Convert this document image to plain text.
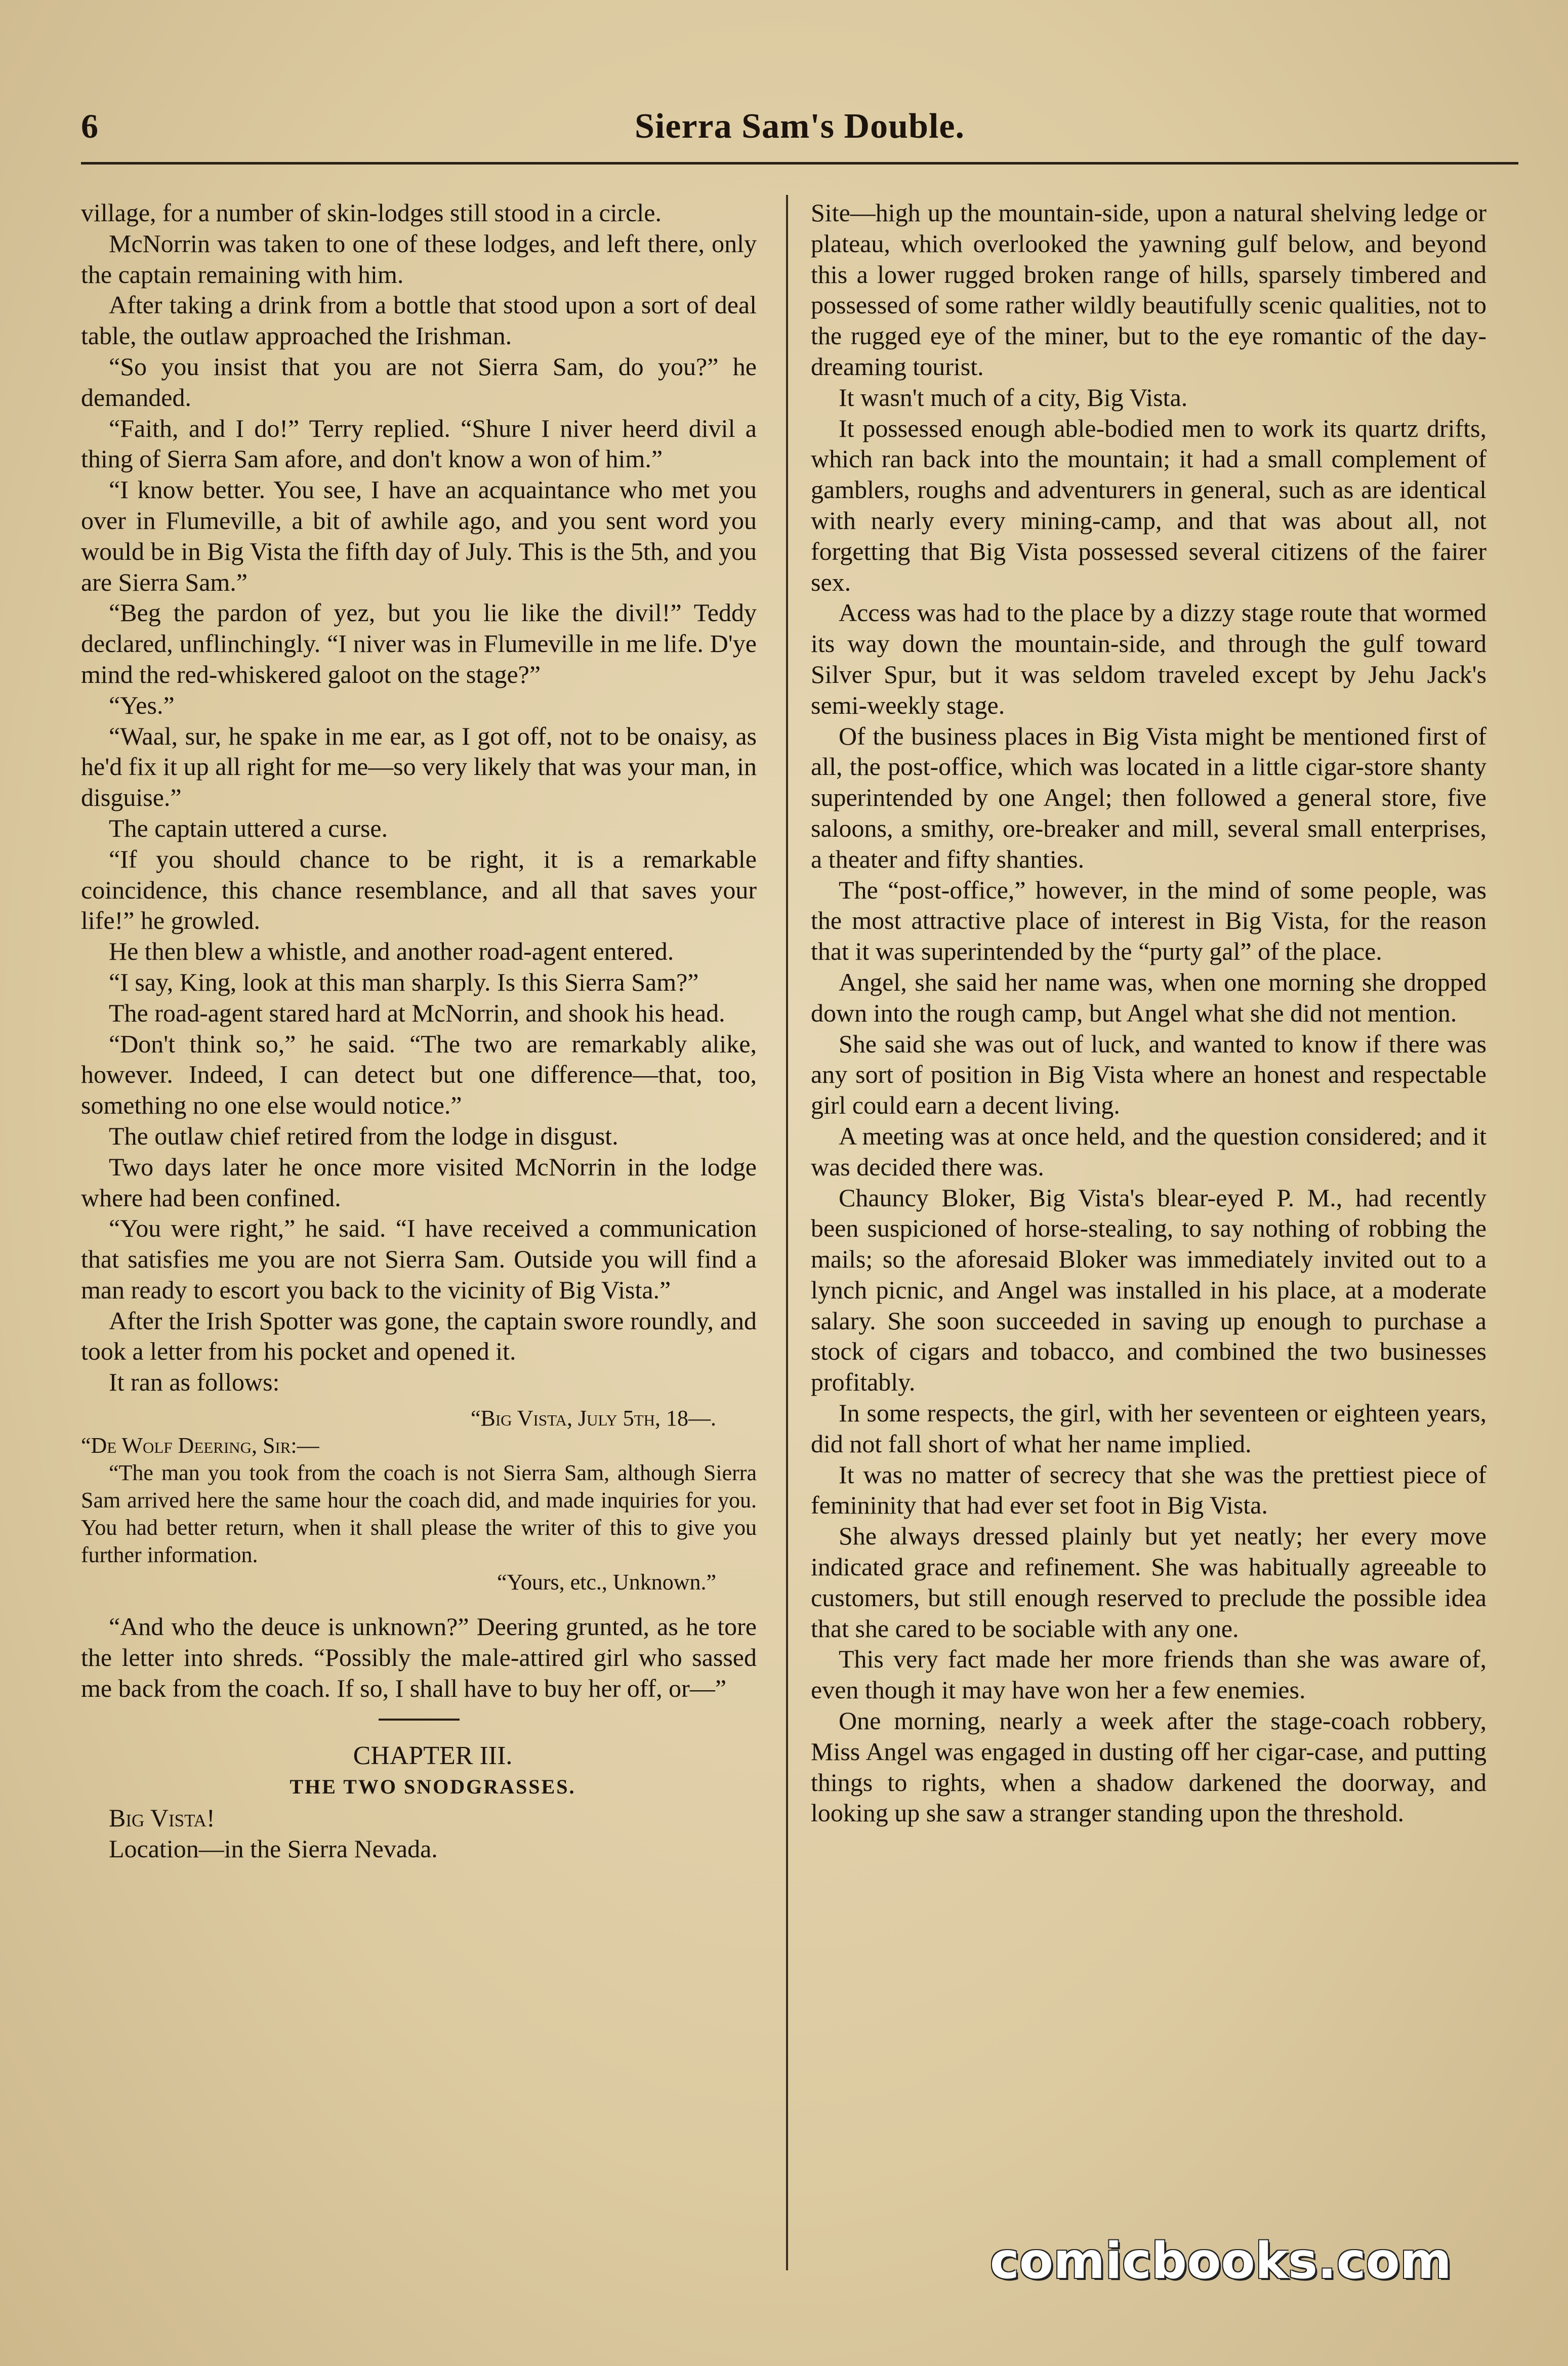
6	Sierra Sam's Double.

village, for a number of skin-lodges still stood in a circle.

McNorrin was taken to one of these lodges, and left there, only the captain remaining with him.

After taking a drink from a bottle that stood upon a sort of deal table, the outlaw approached the Irishman.

“So you insist that you are not Sierra Sam, do you?” he demanded.

“Faith, and I do!” Terry replied. “Shure I niver heerd divil a thing of Sierra Sam afore, and don't know a won of him.”

“I know better. You see, I have an acquaintance who met you over in Flumeville, a bit of awhile ago, and you sent word you would be in Big Vista the fifth day of July. This is the 5th, and you are Sierra Sam.”

“Beg the pardon of yez, but you lie like the divil!” Teddy declared, unflinchingly. “I niver was in Flumeville in me life. D'ye mind the red-whiskered galoot on the stage?”

“Yes.”

“Waal, sur, he spake in me ear, as I got off, not to be onaisy, as he'd fix it up all right for me—so very likely that was your man, in disguise.”

The captain uttered a curse.

“If you should chance to be right, it is a remarkable coincidence, this chance resemblance, and all that saves your life!” he growled.

He then blew a whistle, and another road-agent entered.

“I say, King, look at this man sharply. Is this Sierra Sam?”

The road-agent stared hard at McNorrin, and shook his head.

“Don't think so,” he said. “The two are remarkably alike, however. Indeed, I can detect but one difference—that, too, something no one else would notice.”

The outlaw chief retired from the lodge in disgust.

Two days later he once more visited McNorrin in the lodge where had been confined.

“You were right,” he said. “I have received a communication that satisfies me you are not Sierra Sam. Outside you will find a man ready to escort you back to the vicinity of Big Vista.”

After the Irish Spotter was gone, the captain swore roundly, and took a letter from his pocket and opened it.

It ran as follows:

“Big Vista, July 5th, 18—.

“De Wolf Deering, Sir:—

“The man you took from the coach is not Sierra Sam, although Sierra Sam arrived here the same hour the coach did, and made inquiries for you. You had better return, when it shall please the writer of this to give you further information.

“Yours, etc., Unknown.”

“And who the deuce is unknown?” Deering grunted, as he tore the letter into shreds. “Possibly the male-attired girl who sassed me back from the coach. If so, I shall have to buy her off, or—”

CHAPTER III.

THE TWO SNODGRASSES.

Big Vista!

Location—in the Sierra Nevada.

Site—high up the mountain-side, upon a natural shelving ledge or plateau, which overlooked the yawning gulf below, and beyond this a lower rugged broken range of hills, sparsely timbered and possessed of some rather wildly beautifully scenic qualities, not to the rugged eye of the miner, but to the eye romantic of the day-dreaming tourist.

It wasn't much of a city, Big Vista.

It possessed enough able-bodied men to work its quartz drifts, which ran back into the mountain; it had a small complement of gamblers, roughs and adventurers in general, such as are identical with nearly every mining-camp, and that was about all, not forgetting that Big Vista possessed several citizens of the fairer sex.

Access was had to the place by a dizzy stage route that wormed its way down the mountain-side, and through the gulf toward Silver Spur, but it was seldom traveled except by Jehu Jack's semi-weekly stage.

Of the business places in Big Vista might be mentioned first of all, the post-office, which was located in a little cigar-store shanty superintended by one Angel; then followed a general store, five saloons, a smithy, ore-breaker and mill, several small enterprises, a theater and fifty shanties.

The “post-office,” however, in the mind of some people, was the most attractive place of interest in Big Vista, for the reason that it was superintended by the “purty gal” of the place.

Angel, she said her name was, when one morning she dropped down into the rough camp, but Angel what she did not mention.

She said she was out of luck, and wanted to know if there was any sort of position in Big Vista where an honest and respectable girl could earn a decent living.

A meeting was at once held, and the question considered; and it was decided there was.

Chauncy Bloker, Big Vista's blear-eyed P. M., had recently been suspicioned of horse-stealing, to say nothing of robbing the mails; so the aforesaid Bloker was immediately invited out to a lynch picnic, and Angel was installed in his place, at a moderate salary. She soon succeeded in saving up enough to purchase a stock of cigars and tobacco, and combined the two businesses profitably.

In some respects, the girl, with her seventeen or eighteen years, did not fall short of what her name implied.

It was no matter of secrecy that she was the prettiest piece of femininity that had ever set foot in Big Vista.

She always dressed plainly but yet neatly; her every move indicated grace and refinement. She was habitually agreeable to customers, but still enough reserved to preclude the possible idea that she cared to be sociable with any one.

This very fact made her more friends than she was aware of, even though it may have won her a few enemies.

One morning, nearly a week after the stage-coach robbery, Miss Angel was engaged in dusting off her cigar-case, and putting things to rights, when a shadow darkened the doorway, and looking up she saw a stranger standing upon the threshold.

comicbooks.com
